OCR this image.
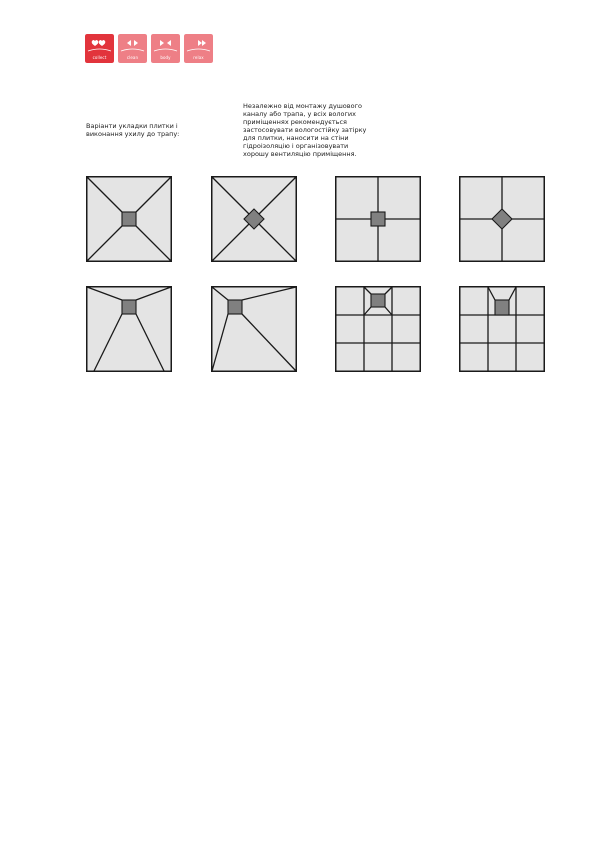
collect	clean	body	relax
Варіанти укладки плитки і
виконання ухилу до трапу:
Незалежно від монтажу душового
каналу або трапа, у всіх вологих
приміщеннях рекомендується
застосовувати вологостійку затірку
для плитки, наносити на стіни
гідроізоляцію і організовувати
хорошу вентиляцію приміщення.
